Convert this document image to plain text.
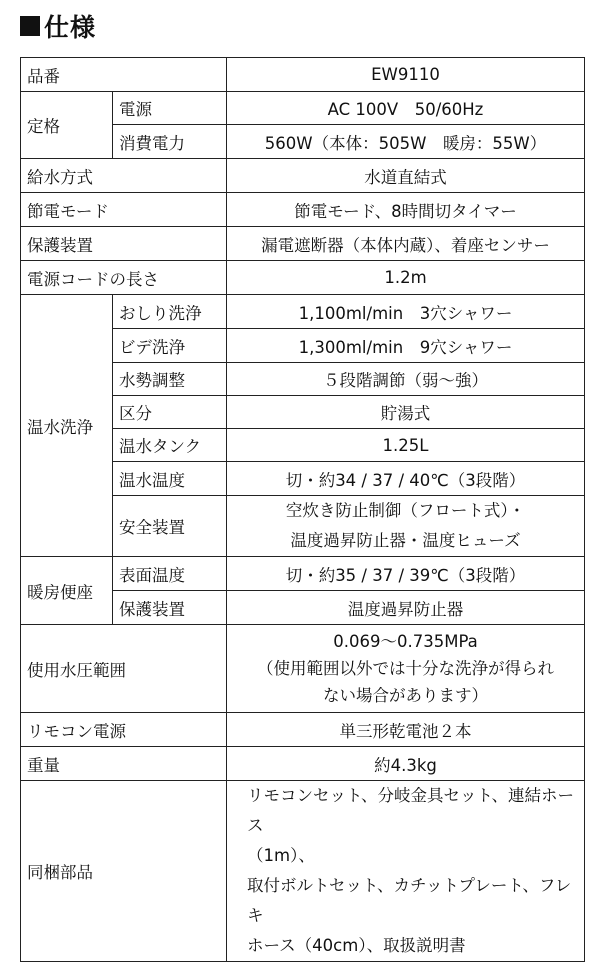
仕様
品番		EW9110
定格	電源	AC 100V　50/60Hz
	消費電力	560W（本体：505W　暖房：55W）
給水方式		水道直結式
節電モード		節電モード、8時間切タイマー
保護装置		漏電遮断器（本体内蔵）、着座センサー
電源コードの長さ		1.2m
温水洗浄	おしり洗浄	1,100ml/min　3穴シャワー
	ビデ洗浄	1,300ml/min　9穴シャワー
	水勢調整	５段階調節（弱～強）
	区分	貯湯式
	温水タンク	1.25L
	温水温度	切・約34 / 37 / 40℃（3段階）
	安全装置	空炊き防止制御（フロート式）・
温度過昇防止器・温度ヒューズ

暖房便座	表面温度	切・約35 / 37 / 39℃（3段階）
	保護装置	温度過昇防止器
使用水圧範囲		0.069～0.735MPa
（使用範囲以外では十分な洗浄が得られ
ない場合があります）

リモコン電源		単三形乾電池２本
重量		約4.3kg
同梱部品		リモコンセット、分岐金具セット、連結ホース
（1m）、
取付ボルトセット、カチットプレート、フレキ
ホース（40cm）、取扱説明書
